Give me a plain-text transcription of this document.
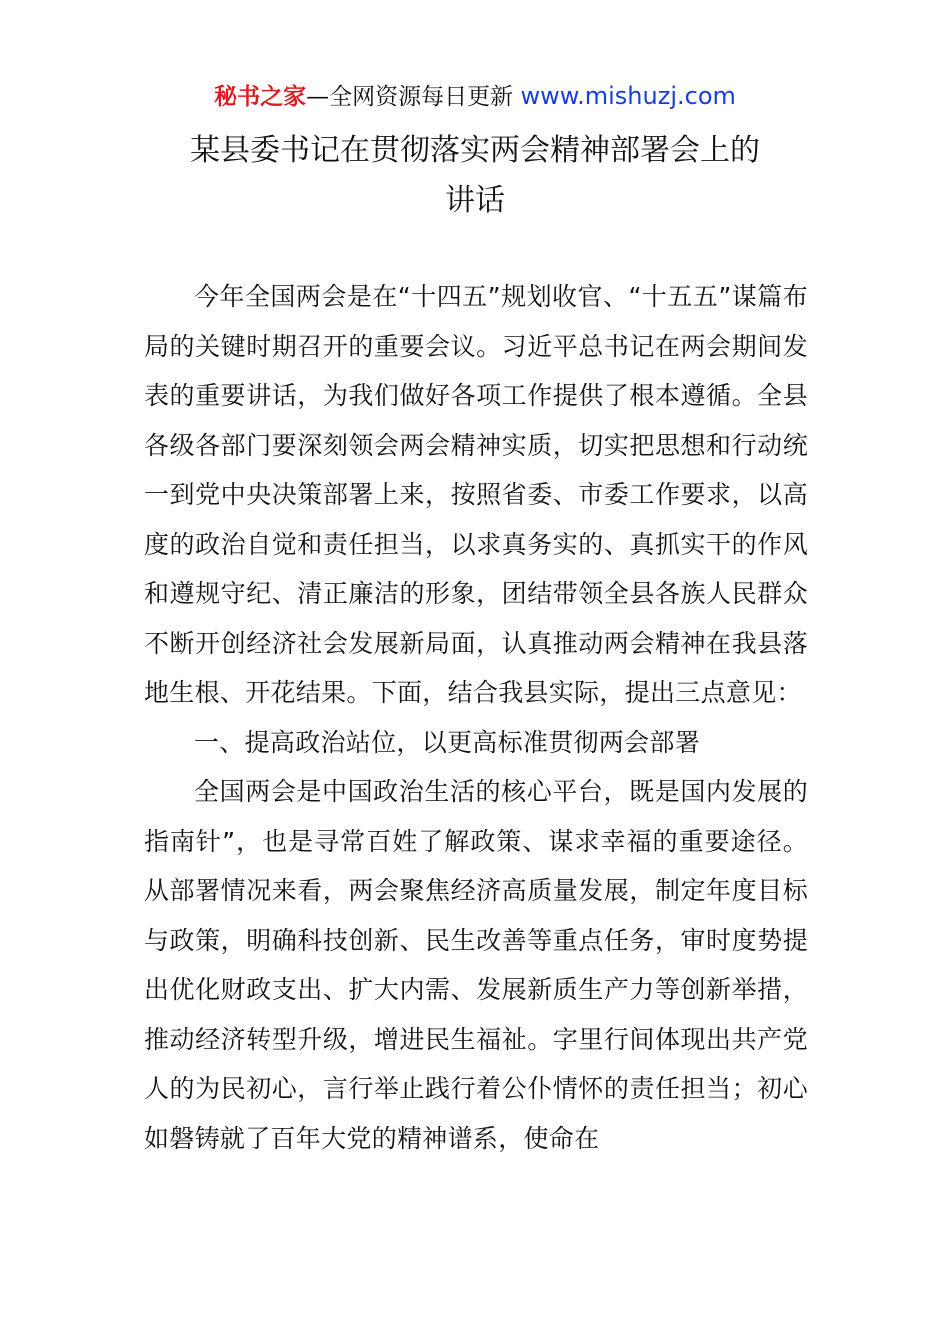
秘书之家—全网资源每日更新 www.mishuzj.com
某县委书记在贯彻落实两会精神部署会上的
讲话

今年全国两会是在“十四五”规划收官、“十五五”谋篇布局的关键时期召开的重要会议。习近平总书记在两会期间发表的重要讲话，为我们做好各项工作提供了根本遵循。全县各级各部门要深刻领会两会精神实质，切实把思想和行动统一到党中央决策部署上来，按照省委、市委工作要求，以高度的政治自觉和责任担当，以求真务实的、真抓实干的作风和遵规守纪、清正廉洁的形象，团结带领全县各族人民群众不断开创经济社会发展新局面，认真推动两会精神在我县落地生根、开花结果。下面，结合我县实际，提出三点意见：

一、提高政治站位，以更高标准贯彻两会部署

全国两会是中国政治生活的核心平台，既是国内发展的指南针”，也是寻常百姓了解政策、谋求幸福的重要途径。从部署情况来看，两会聚焦经济高质量发展，制定年度目标与政策，明确科技创新、民生改善等重点任务，审时度势提出优化财政支出、扩大内需、发展新质生产力等创新举措，推动经济转型升级，增进民生福祉。字里行间体现出共产党人的为民初心，言行举止践行着公仆情怀的责任担当；初心如磐铸就了百年大党的精神谱系，使命在
